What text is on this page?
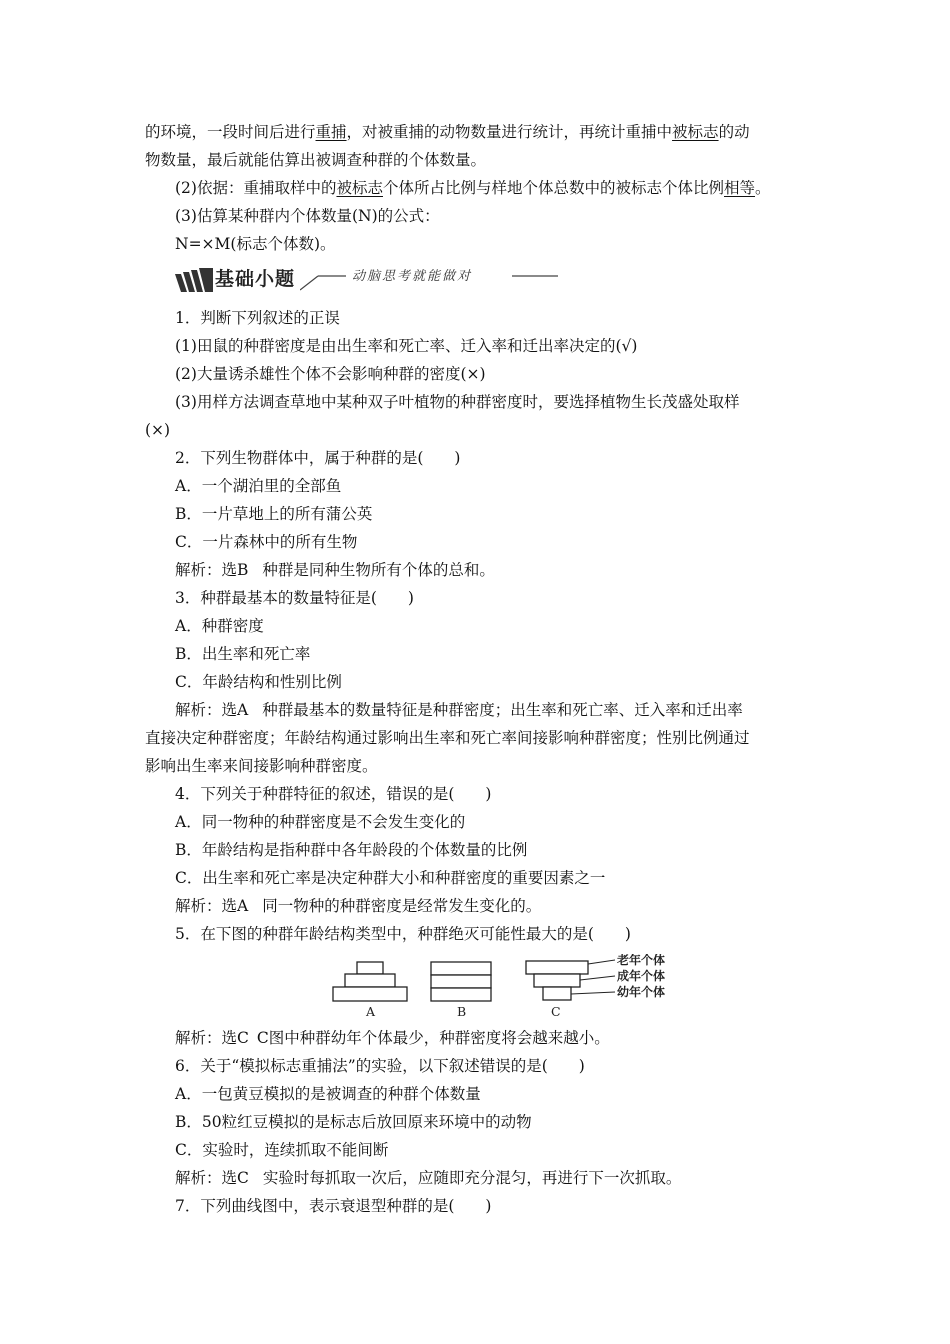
的环境，一段时间后进行重捕，对被重捕的动物数量进行统计，再统计重捕中被标志的动
物数量，最后就能估算出被调查种群的个体数量。
(2)依据：重捕取样中的被标志个体所占比例与样地个体总数中的被标志个体比例相等。
(3)估算某种群内个体数量(N)的公式：
N=×M(标志个体数)。
基础小题	动脑思考就能做对
1．判断下列叙述的正误
(1)田鼠的种群密度是由出生率和死亡率、迁入率和迁出率决定的(√)
(2)大量诱杀雄性个体不会影响种群的密度(×)
(3)用样方法调查草地中某种双子叶植物的种群密度时，要选择植物生长茂盛处取样
(×)
2．下列生物群体中，属于种群的是(　　)
A．一个湖泊里的全部鱼
B．一片草地上的所有蒲公英
C．一片森林中的所有生物
解析：选B 种群是同种生物所有个体的总和。
3．种群最基本的数量特征是(　　)
A．种群密度
B．出生率和死亡率
C．年龄结构和性别比例
解析：选A 种群最基本的数量特征是种群密度；出生率和死亡率、迁入率和迁出率
直接决定种群密度；年龄结构通过影响出生率和死亡率间接影响种群密度；性别比例通过
影响出生率来间接影响种群密度。
4．下列关于种群特征的叙述，错误的是(　　)
A．同一物种的种群密度是不会发生变化的
B．年龄结构是指种群中各年龄段的个体数量的比例
C．出生率和死亡率是决定种群大小和种群密度的重要因素之一
解析：选A 同一物种的种群密度是经常发生变化的。
5．在下图的种群年龄结构类型中，种群绝灭可能性最大的是(　　)
A	B	C
老年个体
成年个体
幼年个体
解析：选C C图中种群幼年个体最少，种群密度将会越来越小。
6．关于“模拟标志重捕法”的实验，以下叙述错误的是(　　)
A．一包黄豆模拟的是被调查的种群个体数量
B．50粒红豆模拟的是标志后放回原来环境中的动物
C．实验时，连续抓取不能间断
解析：选C 实验时每抓取一次后，应随即充分混匀，再进行下一次抓取。
7．下列曲线图中，表示衰退型种群的是(　　)
